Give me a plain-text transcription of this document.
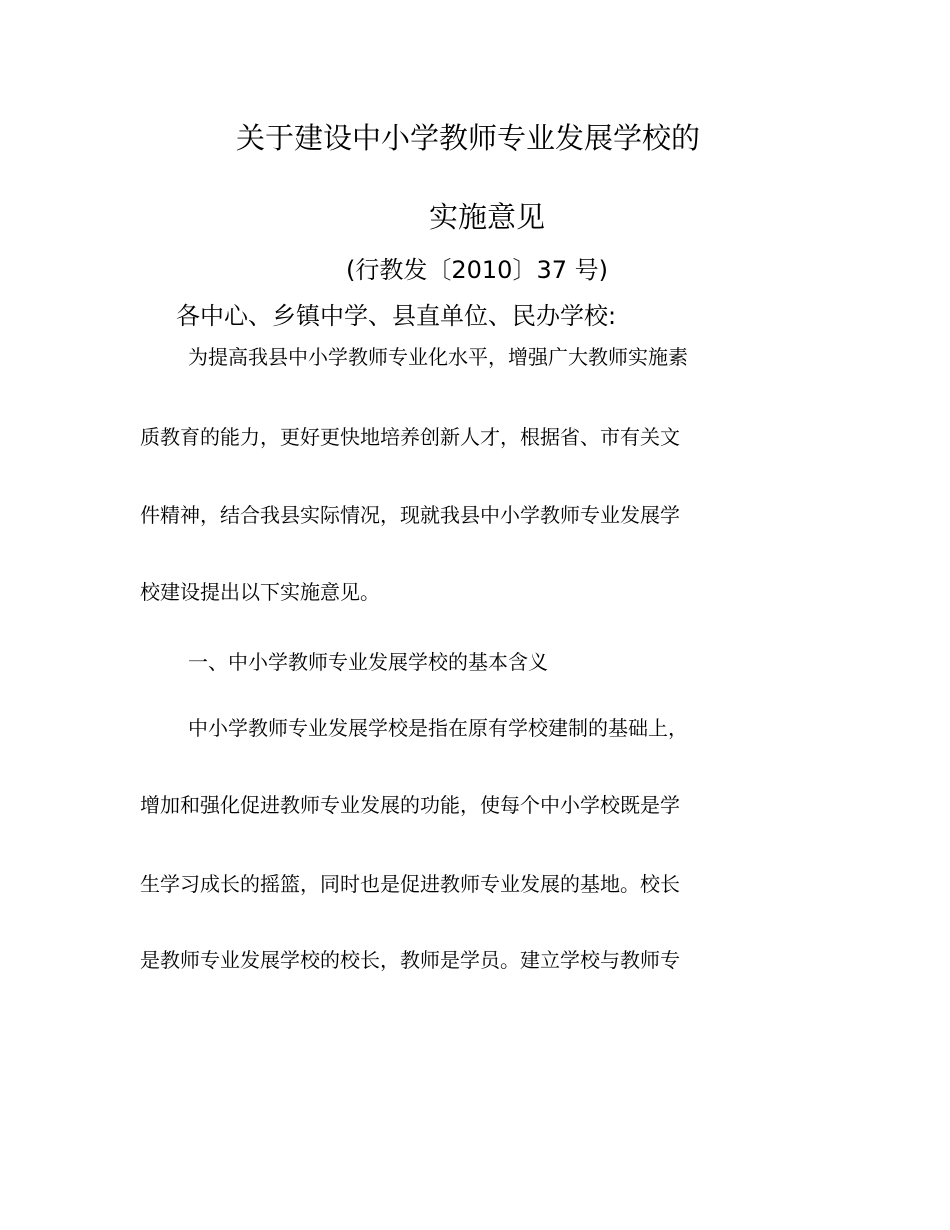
关于建设中小学教师专业发展学校的
实施意见
(行教发〔2010〕37 号)
各中心、乡镇中学、县直单位、民办学校:
为提高我县中小学教师专业化水平，增强广大教师实施素
质教育的能力，更好更快地培养创新人才，根据省、市有关文
件精神，结合我县实际情况，现就我县中小学教师专业发展学
校建设提出以下实施意见。
一、中小学教师专业发展学校的基本含义
中小学教师专业发展学校是指在原有学校建制的基础上，
增加和强化促进教师专业发展的功能，使每个中小学校既是学
生学习成长的摇篮，同时也是促进教师专业发展的基地。校长
是教师专业发展学校的校长，教师是学员。建立学校与教师专
